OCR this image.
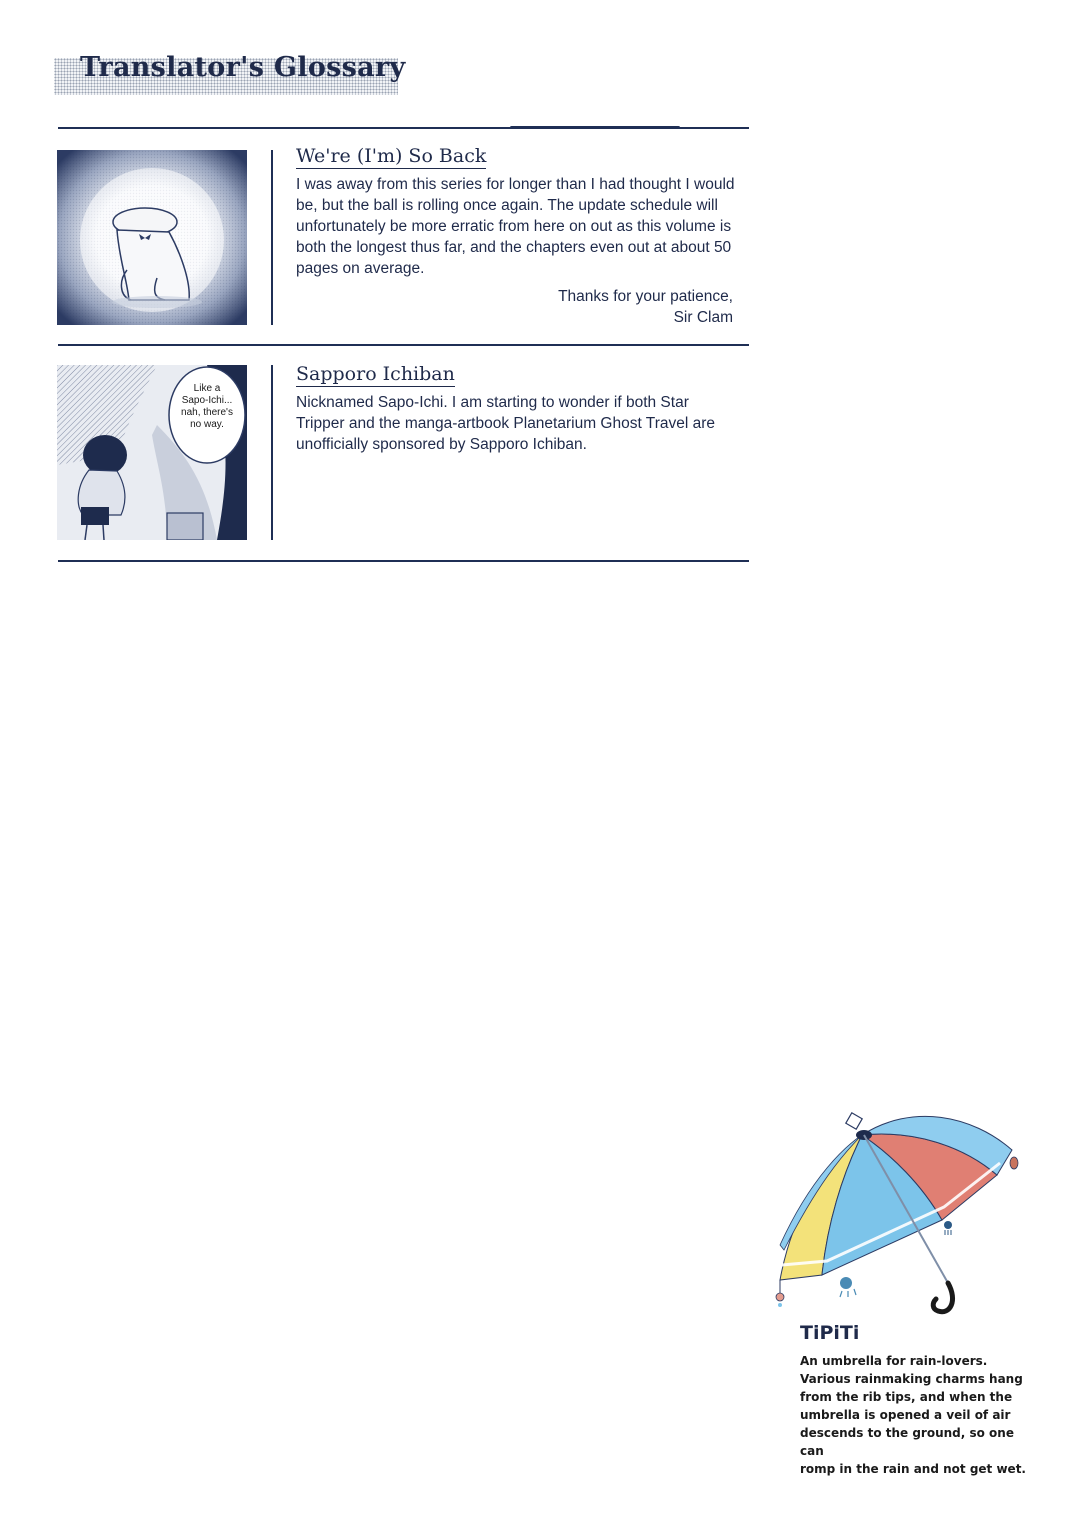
Translator's Glossary
We're (I'm) So Back
I was away from this series for longer than I had thought I would be, but the ball is rolling once again. The update schedule will unfortunately be more erratic from here on out as this volume is both the longest thus far, and the chapters even out at about 50 pages on average.
Thanks for your patience,
Sir Clam
Like a
Sapo-Ichi...
nah, there's
no way.
Sapporo Ichiban
Nicknamed Sapo-Ichi. I am starting to wonder if both Star Tripper and the manga-artbook Planetarium Ghost Travel are unofficially sponsored by Sapporo Ichiban.
TiPiTi
An umbrella for rain-lovers.
Various rainmaking charms hang
from the rib tips, and when the
umbrella is opened a veil of air
descends to the ground, so one can
romp in the rain and not get wet.
